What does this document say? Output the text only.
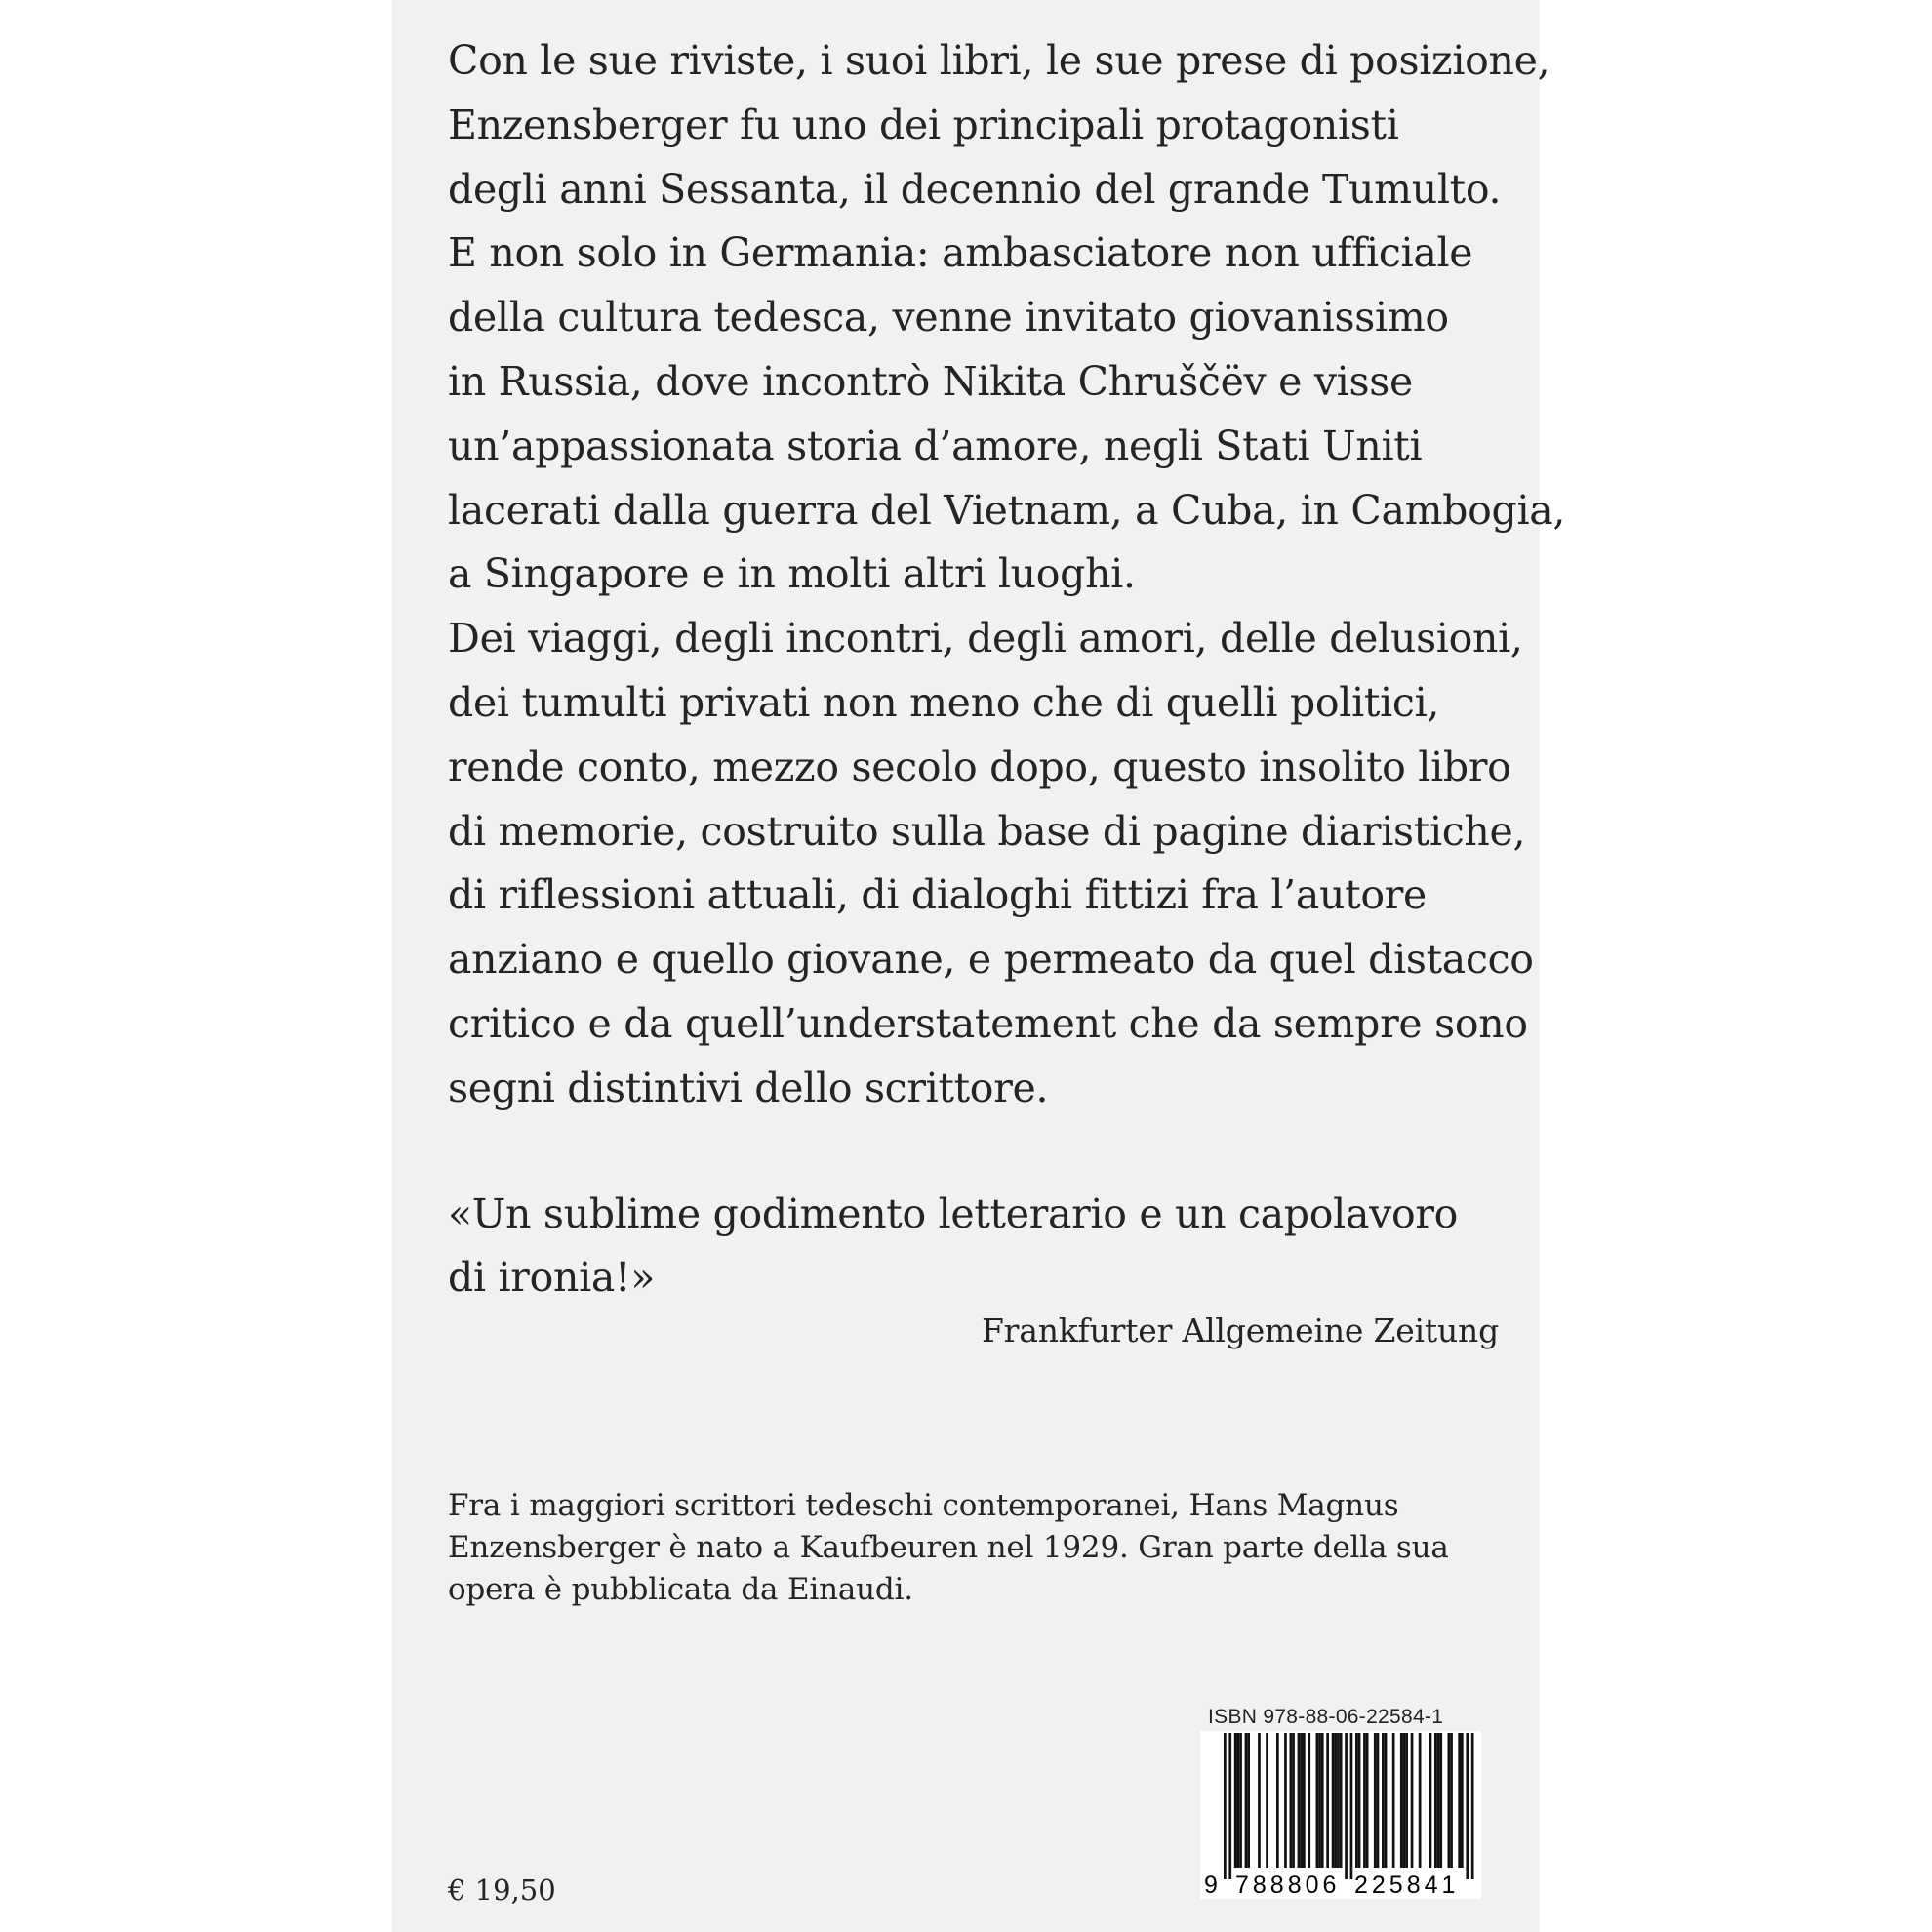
Con le sue riviste, i suoi libri, le sue prese di posizione,
Enzensberger fu uno dei principali protagonisti
degli anni Sessanta, il decennio del grande Tumulto.
E non solo in Germania: ambasciatore non ufficiale
della cultura tedesca, venne invitato giovanissimo
in Russia, dove incontrò Nikita Chruščëv e visse
un’appassionata storia d’amore, negli Stati Uniti
lacerati dalla guerra del Vietnam, a Cuba, in Cambogia,
a Singapore e in molti altri luoghi.
Dei viaggi, degli incontri, degli amori, delle delusioni,
dei tumulti privati non meno che di quelli politici,
rende conto, mezzo secolo dopo, questo insolito libro
di memorie, costruito sulla base di pagine diaristiche,
di riflessioni attuali, di dialoghi fittizi fra l’autore
anziano e quello giovane, e permeato da quel distacco
critico e da quell’understatement che da sempre sono
segni distintivi dello scrittore.
«Un sublime godimento letterario e un capolavoro
di ironia!»
Frankfurter Allgemeine Zeitung
Fra i maggiori scrittori tedeschi contemporanei, Hans Magnus
Enzensberger è nato a Kaufbeuren nel 1929. Gran parte della sua
opera è pubblicata da Einaudi.
ISBN 978-88-06-22584-1
9 788806 225841
€ 19,50
